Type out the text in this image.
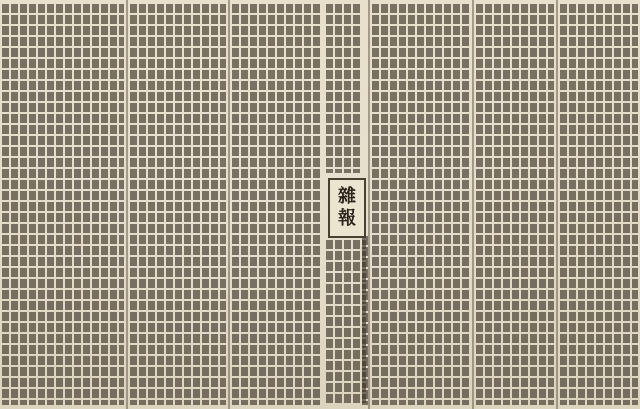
雜
報
